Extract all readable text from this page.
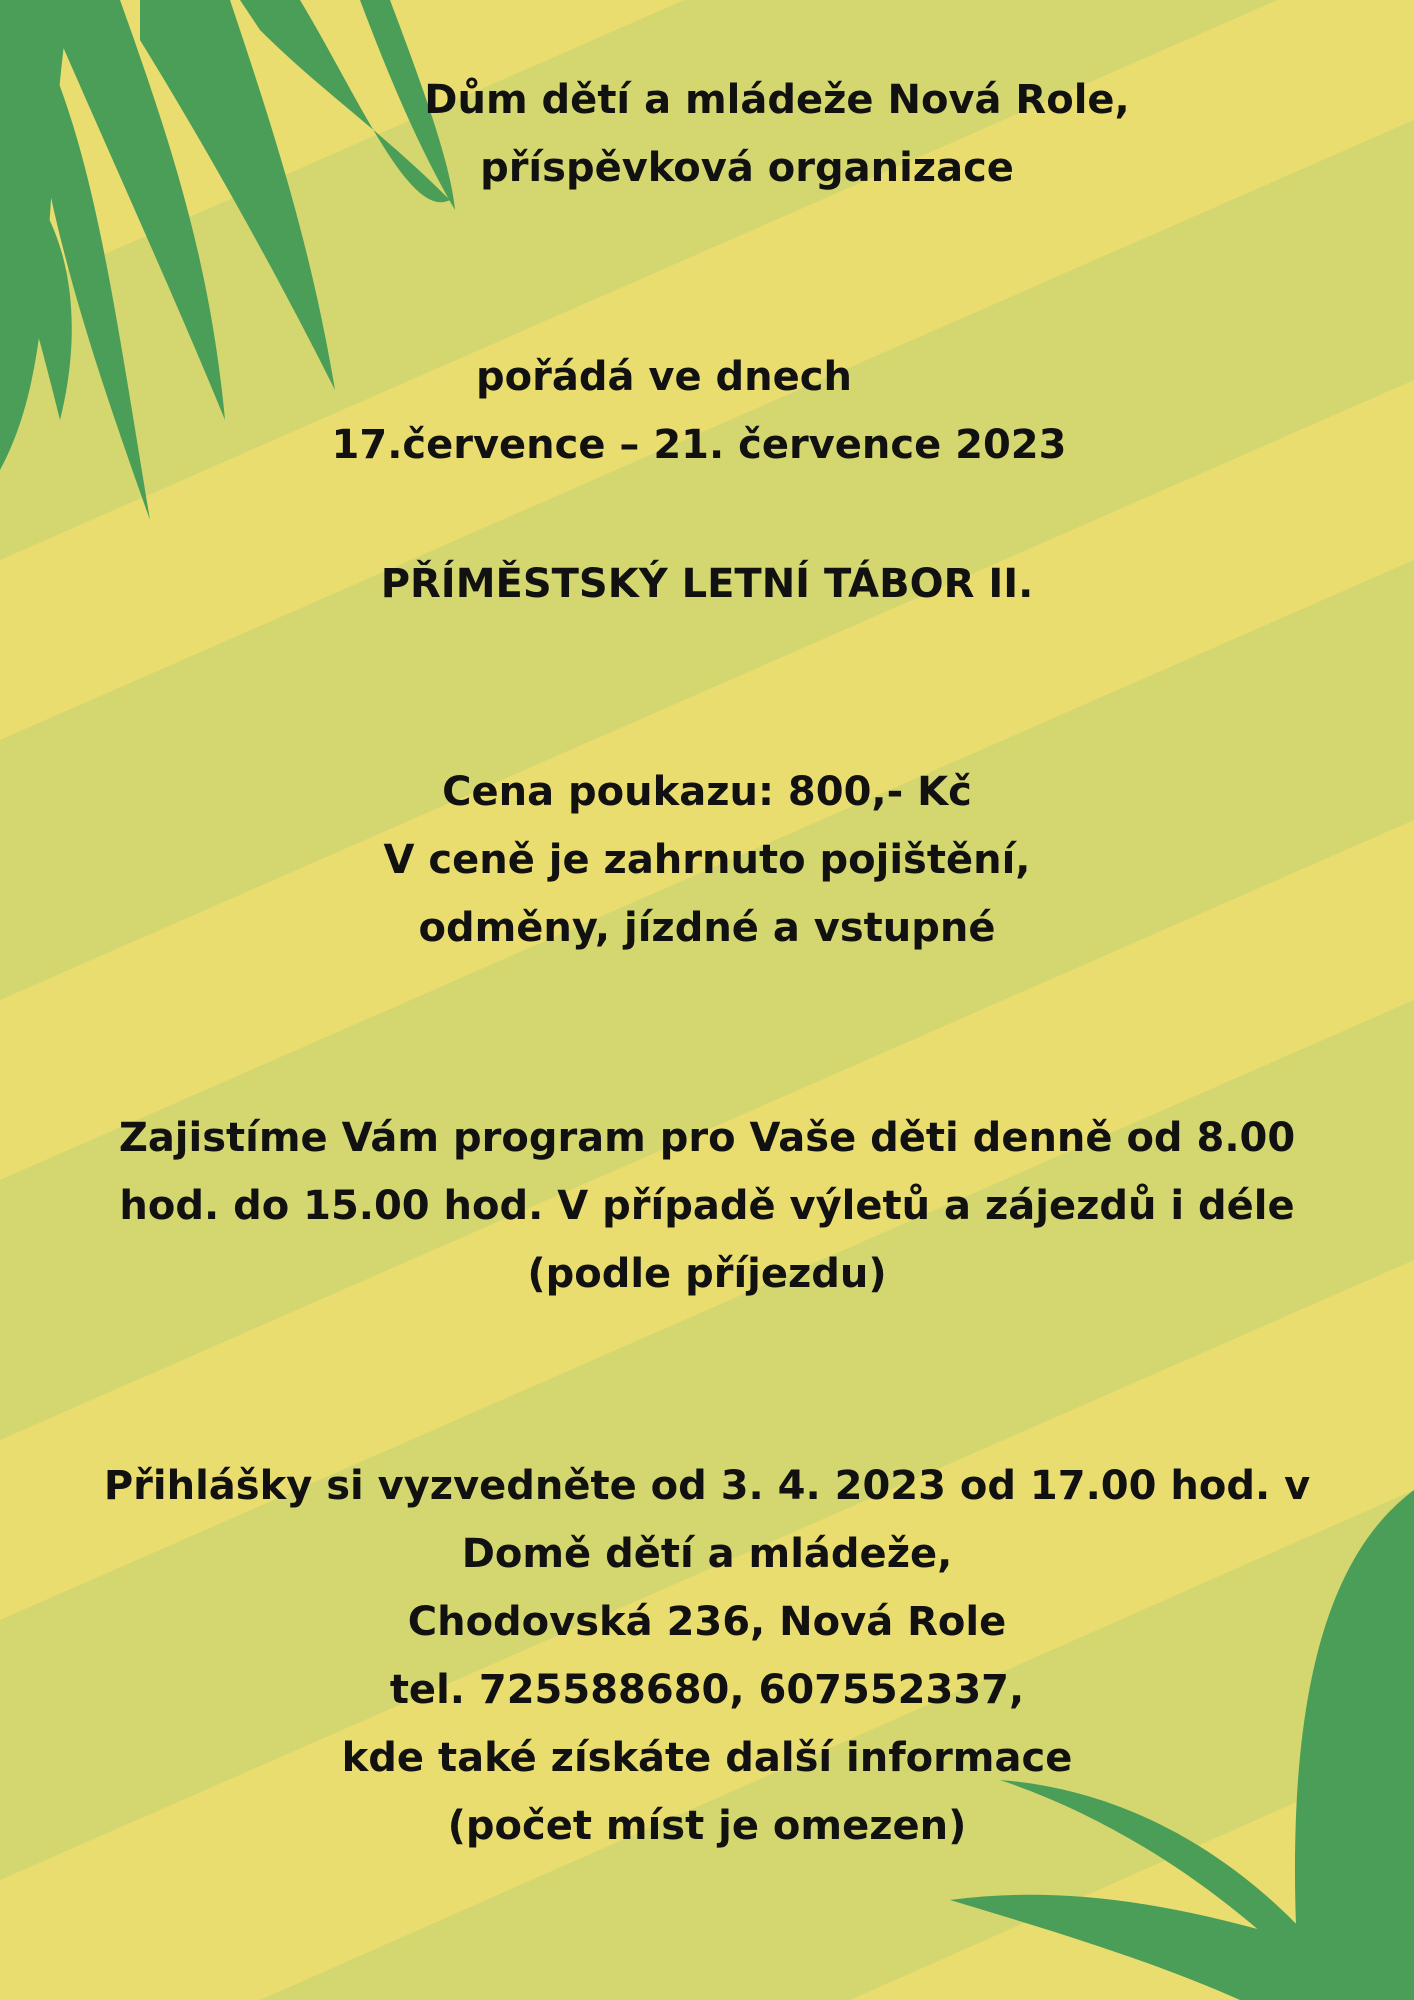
Dům dětí a mládeže Nová Role,
příspěvková organizace
pořádá ve dnech
17.července – 21. července 2023
PŘÍMĚSTSKÝ LETNÍ TÁBOR II.
Cena poukazu: 800,- Kč
V ceně je zahrnuto pojištění,
odměny, jízdné a vstupné
Zajistíme Vám program pro Vaše děti denně od 8.00
hod. do 15.00 hod. V případě výletů a zájezdů i déle
(podle příjezdu)
Přihlášky si vyzvedněte od 3. 4. 2023 od 17.00 hod. v
Domě dětí a mládeže,
Chodovská 236, Nová Role
tel. 725588680, 607552337,
kde také získáte další informace
(počet míst je omezen)
